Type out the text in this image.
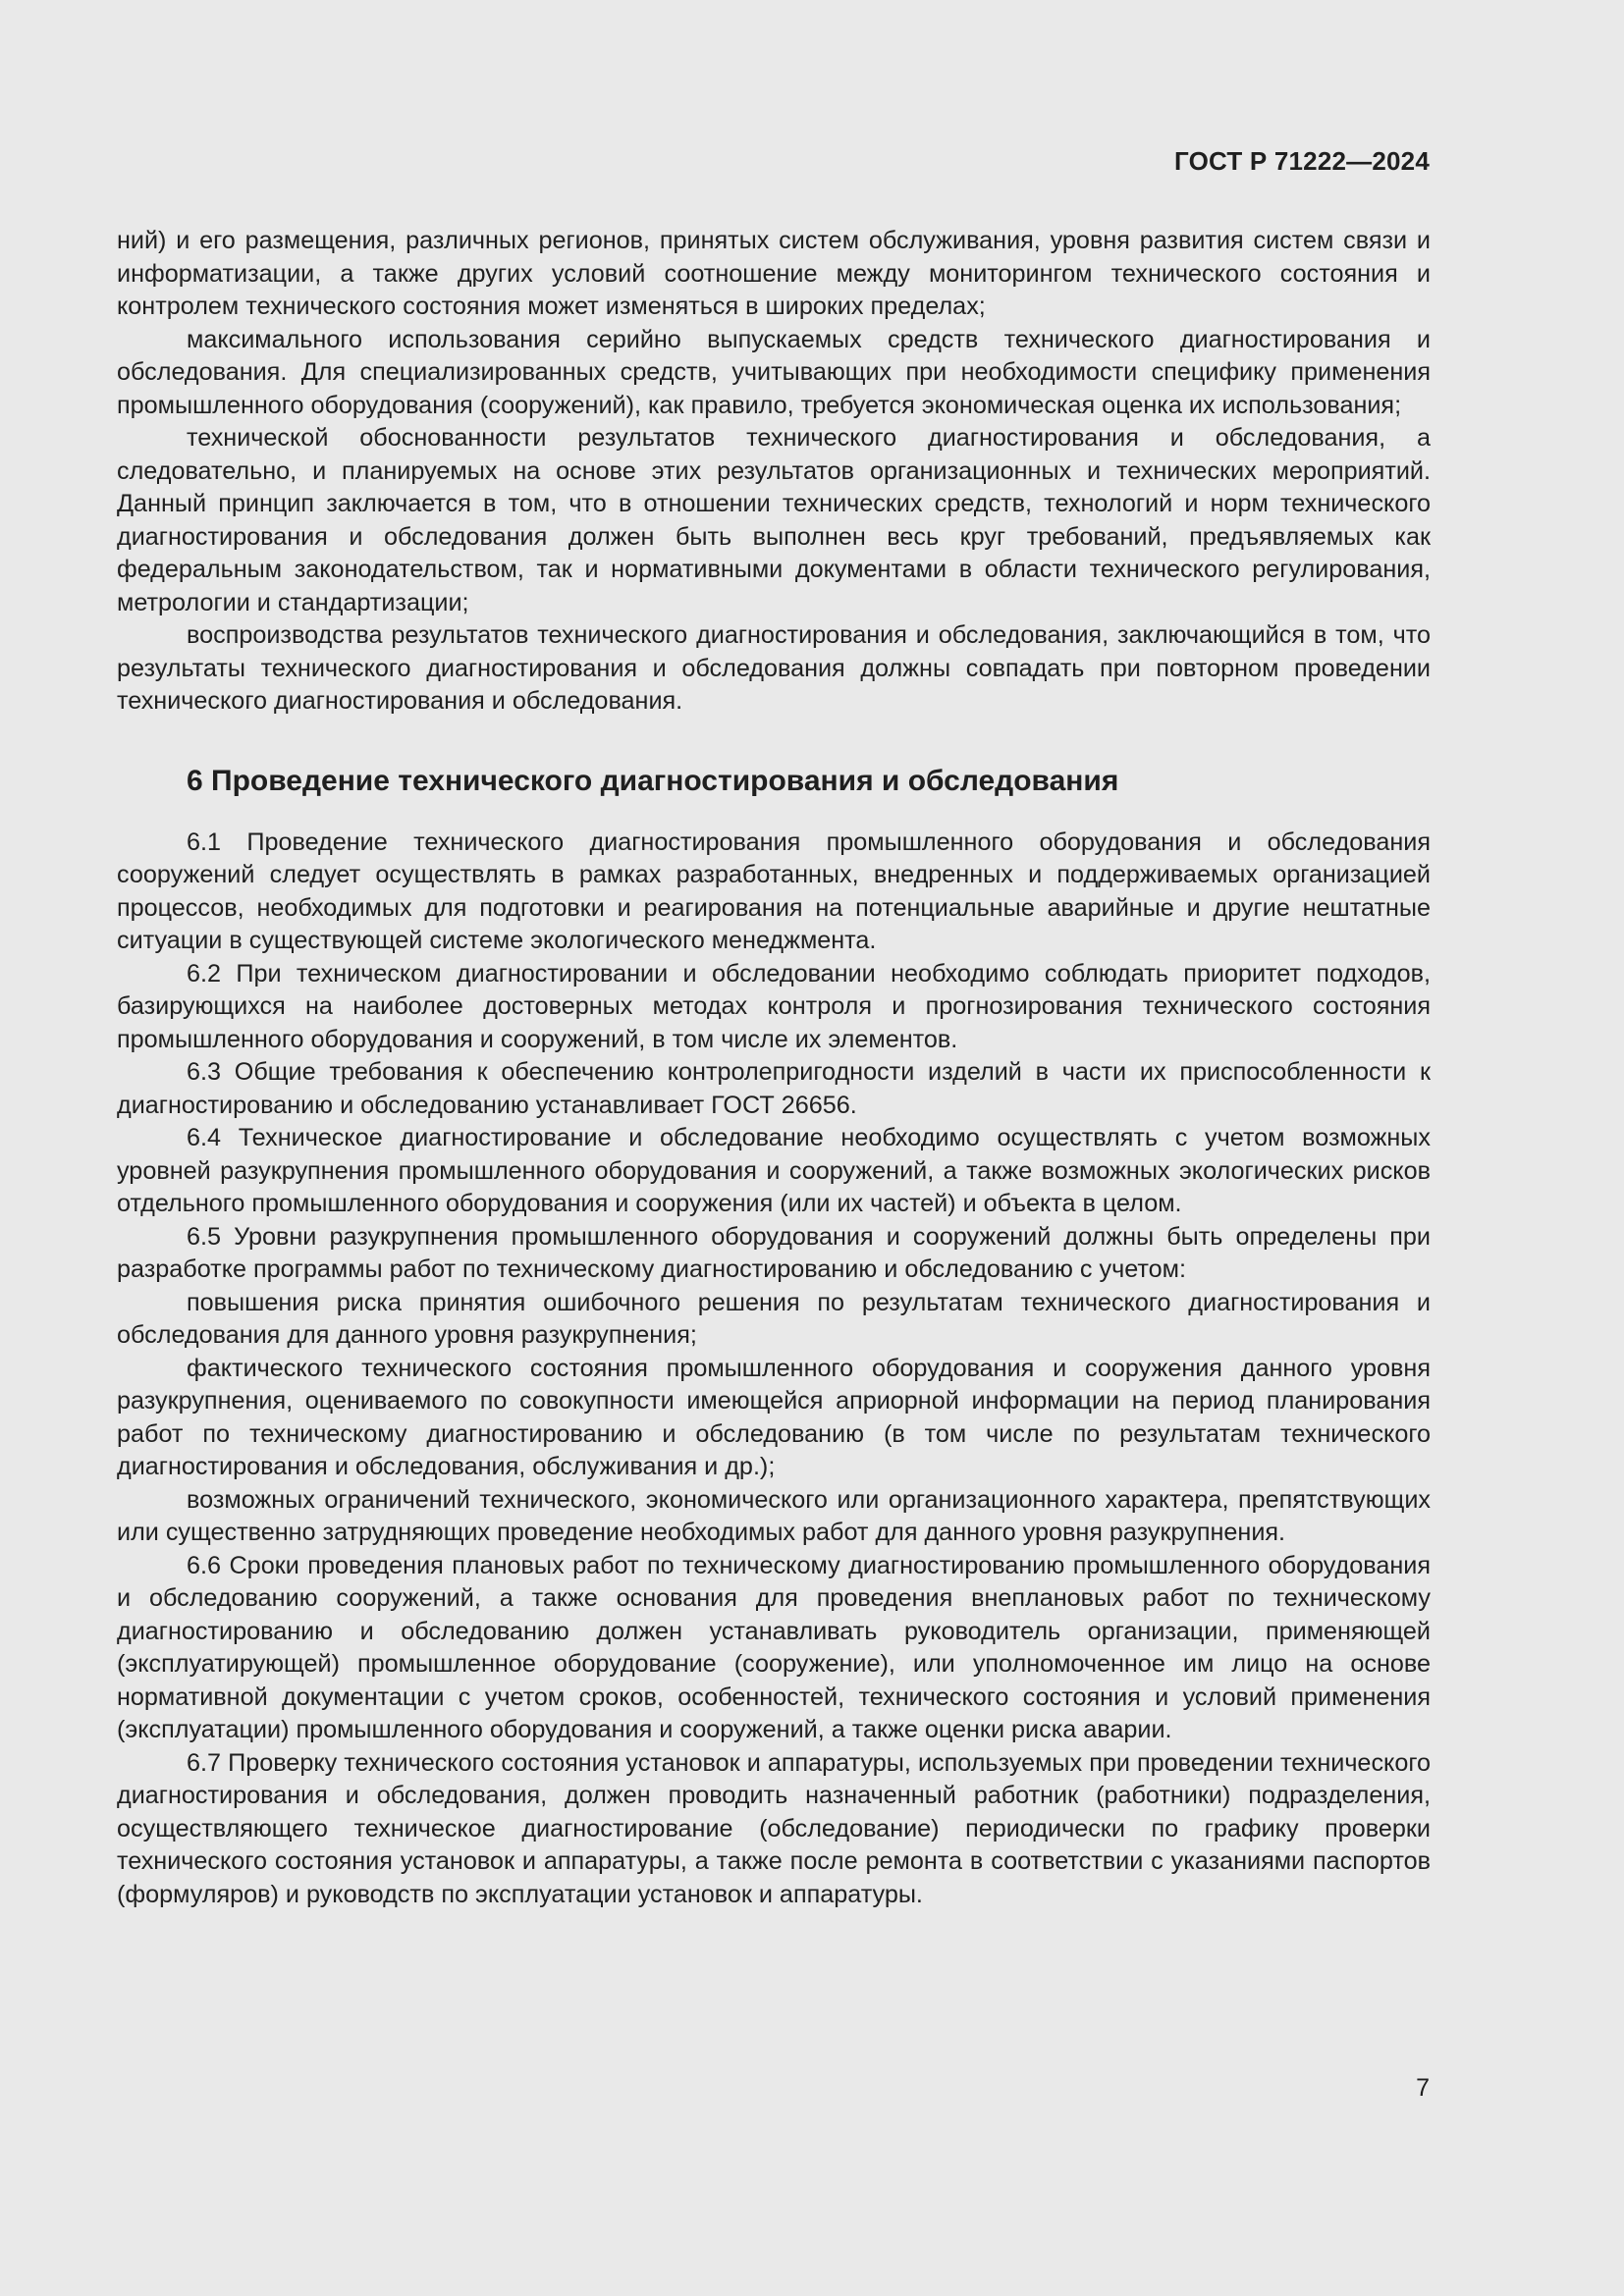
ГОСТ Р 71222—2024

ний) и его размещения, различных регионов, принятых систем обслуживания, уровня развития систем связи и информатизации, а также других условий соотношение между мониторингом технического состояния и контролем технического состояния может изменяться в широких пределах;

максимального использования серийно выпускаемых средств технического диагностирования и обследования. Для специализированных средств, учитывающих при необходимости специфику применения промышленного оборудования (сооружений), как правило, требуется экономическая оценка их использования;

технической обоснованности результатов технического диагностирования и обследования, а следовательно, и планируемых на основе этих результатов организационных и технических мероприятий. Данный принцип заключается в том, что в отношении технических средств, технологий и норм технического диагностирования и обследования должен быть выполнен весь круг требований, предъявляемых как федеральным законодательством, так и нормативными документами в области технического регулирования, метрологии и стандартизации;

воспроизводства результатов технического диагностирования и обследования, заключающийся в том, что результаты технического диагностирования и обследования должны совпадать при повторном проведении технического диагностирования и обследования.

6 Проведение технического диагностирования и обследования

6.1 Проведение технического диагностирования промышленного оборудования и обследования сооружений следует осуществлять в рамках разработанных, внедренных и поддерживаемых организацией процессов, необходимых для подготовки и реагирования на потенциальные аварийные и другие нештатные ситуации в существующей системе экологического менеджмента.

6.2 При техническом диагностировании и обследовании необходимо соблюдать приоритет подходов, базирующихся на наиболее достоверных методах контроля и прогнозирования технического состояния промышленного оборудования и сооружений, в том числе их элементов.

6.3 Общие требования к обеспечению контролепригодности изделий в части их приспособленности к диагностированию и обследованию устанавливает ГОСТ 26656.

6.4 Техническое диагностирование и обследование необходимо осуществлять с учетом возможных уровней разукрупнения промышленного оборудования и сооружений, а также возможных экологических рисков отдельного промышленного оборудования и сооружения (или их частей) и объекта в целом.

6.5 Уровни разукрупнения промышленного оборудования и сооружений должны быть определены при разработке программы работ по техническому диагностированию и обследованию с учетом:

повышения риска принятия ошибочного решения по результатам технического диагностирования и обследования для данного уровня разукрупнения;

фактического технического состояния промышленного оборудования и сооружения данного уровня разукрупнения, оцениваемого по совокупности имеющейся априорной информации на период планирования работ по техническому диагностированию и обследованию (в том числе по результатам технического диагностирования и обследования, обслуживания и др.);

возможных ограничений технического, экономического или организационного характера, препятствующих или существенно затрудняющих проведение необходимых работ для данного уровня разукрупнения.

6.6 Сроки проведения плановых работ по техническому диагностированию промышленного оборудования и обследованию сооружений, а также основания для проведения внеплановых работ по техническому диагностированию и обследованию должен устанавливать руководитель организации, применяющей (эксплуатирующей) промышленное оборудование (сооружение), или уполномоченное им лицо на основе нормативной документации с учетом сроков, особенностей, технического состояния и условий применения (эксплуатации) промышленного оборудования и сооружений, а также оценки риска аварии.

6.7 Проверку технического состояния установок и аппаратуры, используемых при проведении технического диагностирования и обследования, должен проводить назначенный работник (работники) подразделения, осуществляющего техническое диагностирование (обследование) периодически по графику проверки технического состояния установок и аппаратуры, а также после ремонта в соответствии с указаниями паспортов (формуляров) и руководств по эксплуатации установок и аппаратуры.

7
